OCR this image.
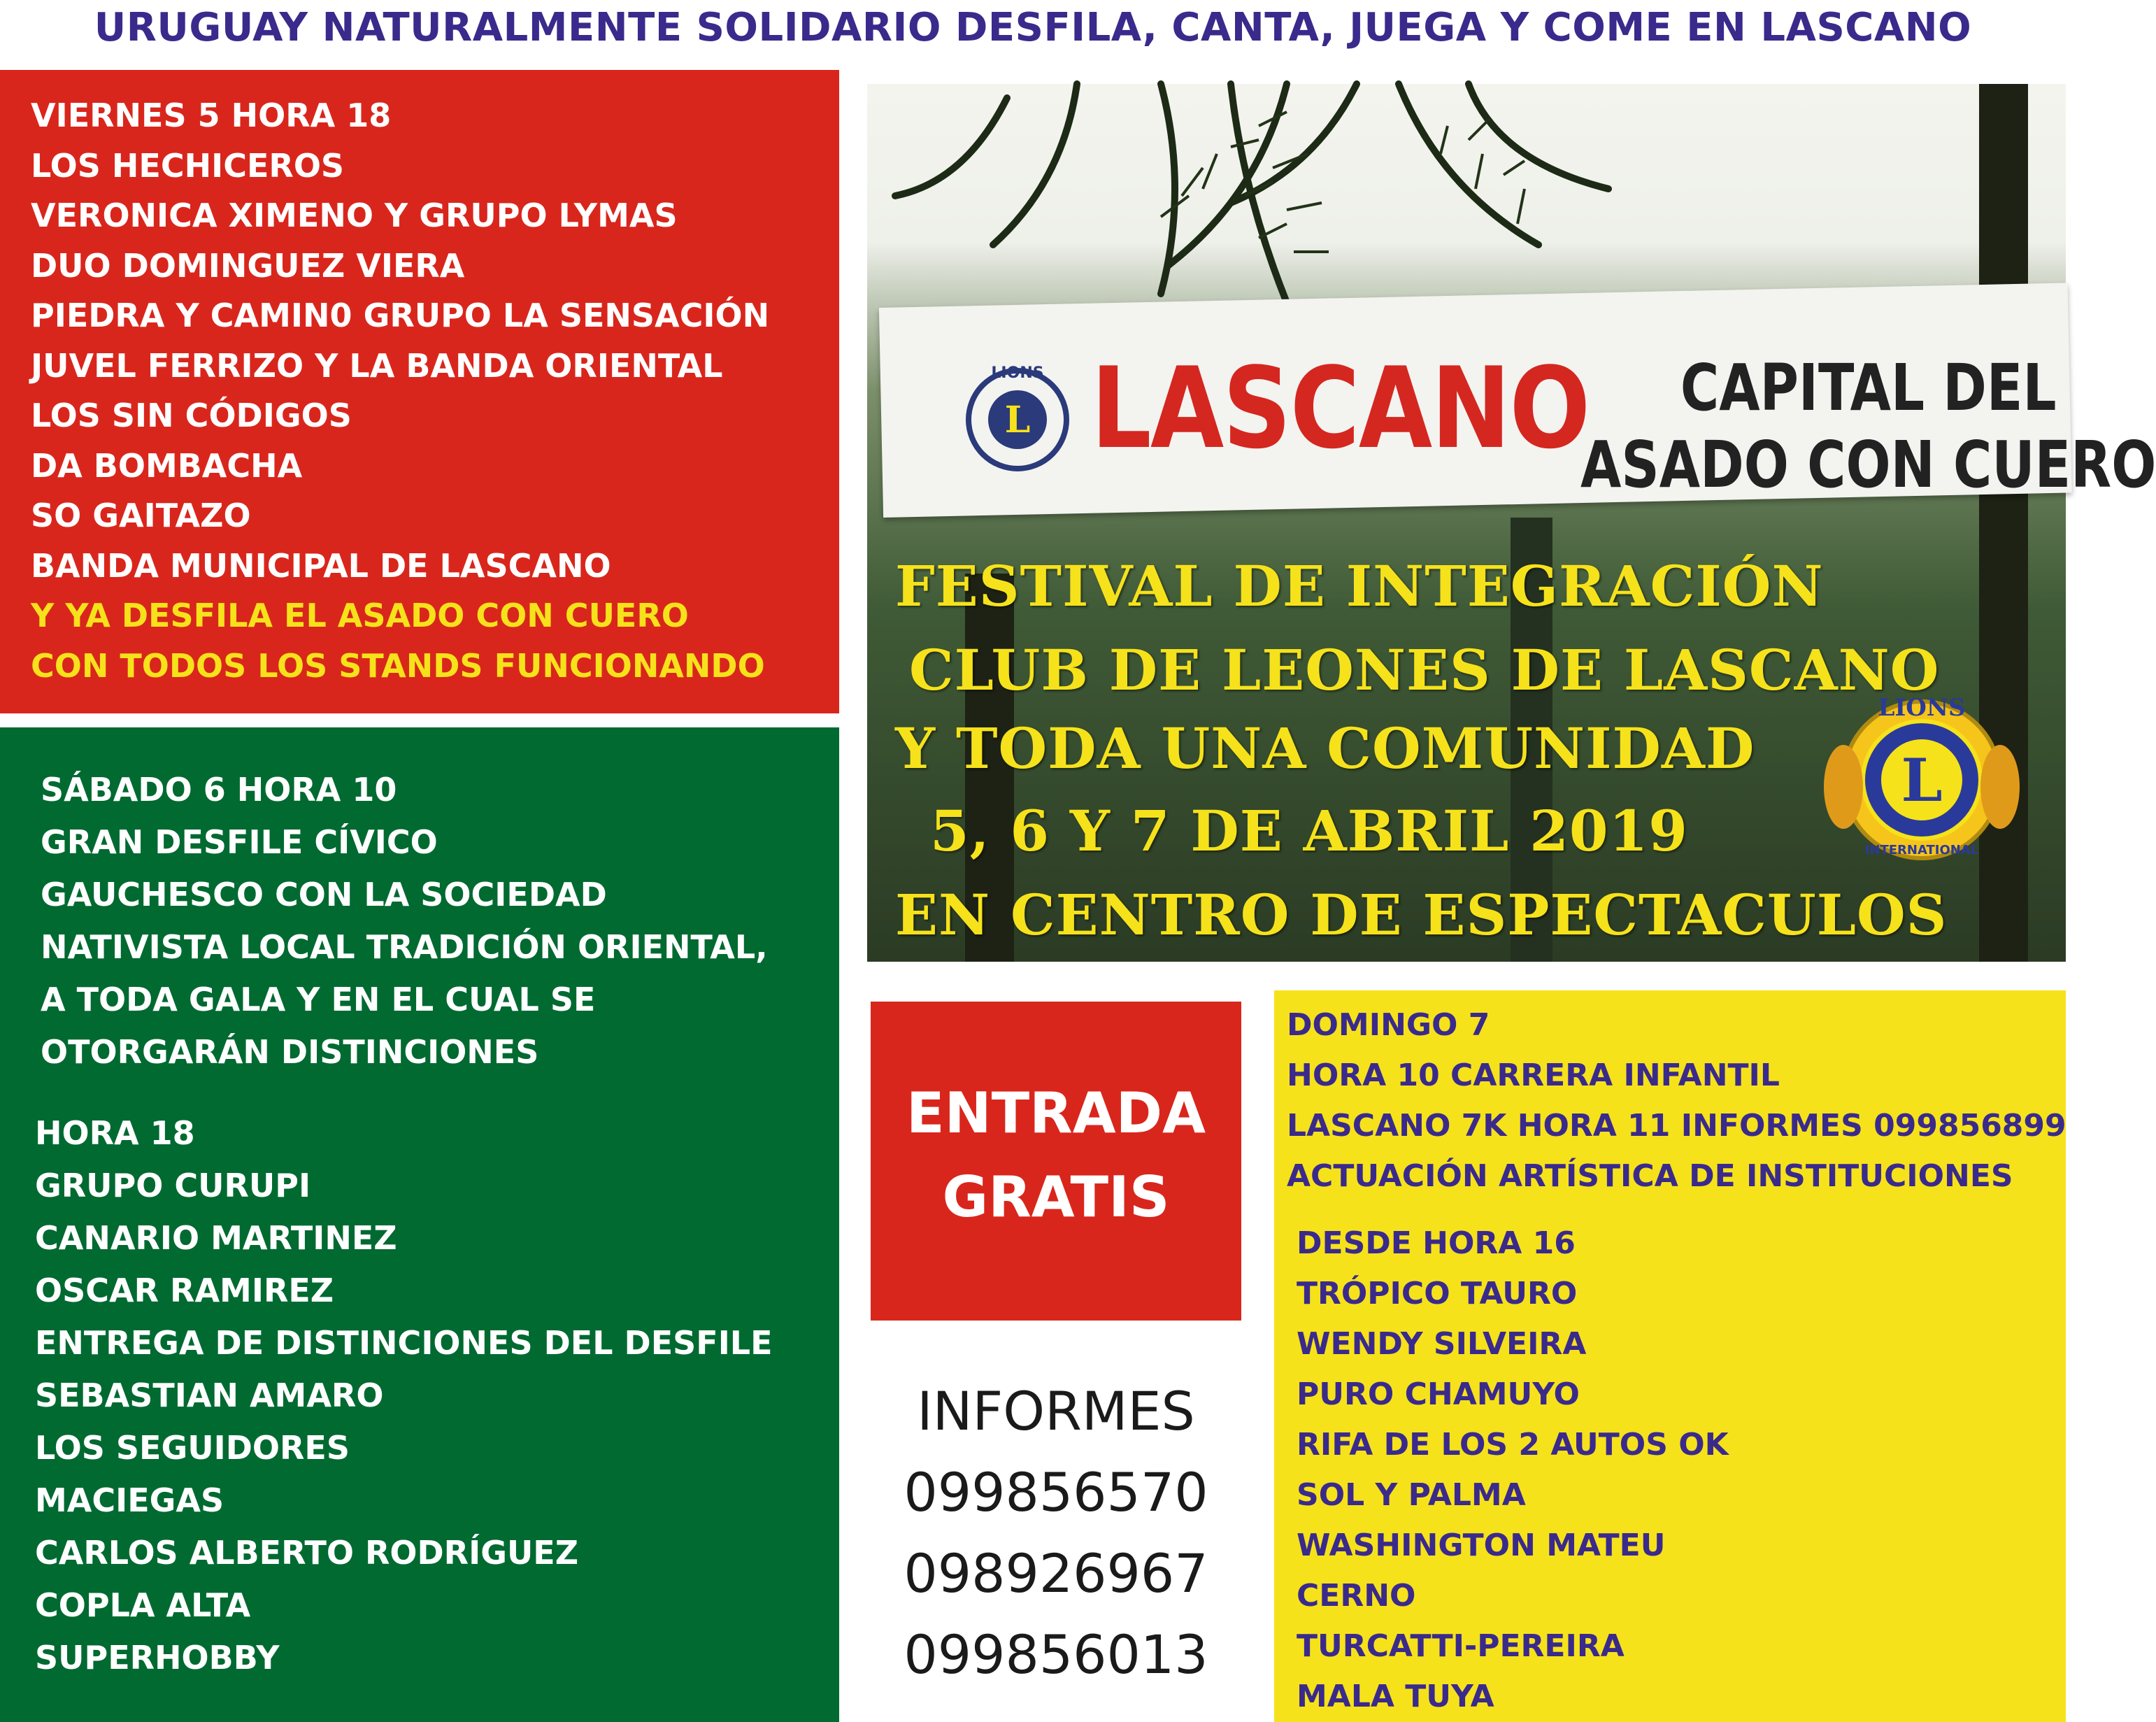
URUGUAY NATURALMENTE SOLIDARIO DESFILA, CANTA, JUEGA Y COME EN LASCANO
VIERNES 5 HORA 18
LOS HECHICEROS
VERONICA XIMENO Y GRUPO LYMAS
DUO DOMINGUEZ VIERA
PIEDRA Y CAMIN0 GRUPO LA SENSACIÓN
JUVEL FERRIZO Y LA BANDA ORIENTAL
LOS SIN CÓDIGOS
DA BOMBACHA
SO GAITAZO
BANDA MUNICIPAL DE LASCANO
Y YA DESFILA EL ASADO CON CUERO
CON TODOS LOS STANDS FUNCIONANDO
SÁBADO 6 HORA 10
GRAN DESFILE CÍVICO
GAUCHESCO CON LA SOCIEDAD
NATIVISTA LOCAL TRADICIÓN ORIENTAL,
A TODA GALA Y EN EL CUAL SE
OTORGARÁN DISTINCIONES
HORA 18
GRUPO CURUPI
CANARIO MARTINEZ
OSCAR RAMIREZ
ENTREGA DE DISTINCIONES DEL DESFILE
SEBASTIAN AMARO
LOS SEGUIDORES
MACIEGAS
CARLOS ALBERTO RODRÍGUEZ
COPLA ALTA
SUPERHOBBY
L
LIONS LASCANO	CAPITAL DEL
ASADO CON CUERO
FESTIVAL DE INTEGRACIÓN
CLUB DE LEONES DE LASCANO
Y TODA UNA COMUNIDAD
5, 6 Y 7 DE ABRIL 2019
EN CENTRO DE ESPECTACULOS
L
LIONS
INTERNATIONAL
ENTRADA
GRATIS
INFORMES
099856570
098926967
099856013
DOMINGO 7
HORA 10 CARRERA INFANTIL
LASCANO 7K HORA 11 INFORMES 099856899
ACTUACIÓN ARTÍSTICA DE INSTITUCIONES
DESDE HORA 16
TRÓPICO TAURO
WENDY SILVEIRA
PURO CHAMUYO
RIFA DE LOS 2 AUTOS OK
SOL Y PALMA
WASHINGTON MATEU
CERNO
TURCATTI-PEREIRA
MALA TUYA
